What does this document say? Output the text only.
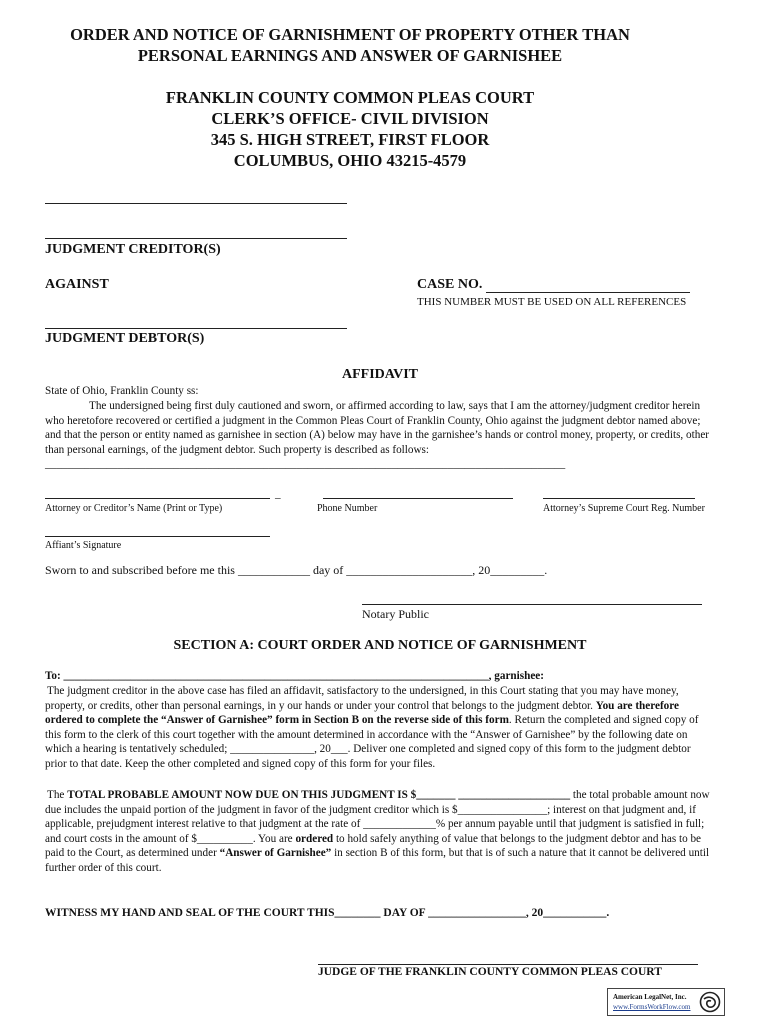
ORDER AND NOTICE OF GARNISHMENT OF PROPERTY OTHER THAN
PERSONAL EARNINGS AND ANSWER OF GARNISHEE
FRANKLIN COUNTY COMMON PLEAS COURT
CLERK’S OFFICE- CIVIL DIVISION
345 S. HIGH STREET, FIRST FLOOR
COLUMBUS, OHIO 43215-4579
JUDGMENT CREDITOR(S)
AGAINST	CASE NO.
THIS NUMBER MUST BE USED ON ALL REFERENCES
JUDGMENT DEBTOR(S)
AFFIDAVIT
State of Ohio, Franklin County ss:
The undersigned being first duly cautioned and sworn, or affirmed according to law, says that I am the attorney/judgment creditor herein who heretofore recovered or certified a judgment in the Common Pleas Court of Franklin County, Ohio against the judgment debtor named above; and that the person or entity named as garnishee in section (A) below may have in the garnishee’s hands or control money, property, or credits, other than personal earnings, of the judgment debtor. Such property is described as follows: _____________________________________________________________________________________________
_
Attorney or Creditor’s Name (Print or Type)	Phone Number	Attorney’s Supreme Court Reg. Number
Affiant’s Signature
Sworn to and subscribed before me this ____________ day of _____________________, 20_________.
Notary Public
SECTION A: COURT ORDER AND NOTICE OF GARNISHMENT
To: ____________________________________________________________________________, garnishee:
The judgment creditor in the above case has filed an affidavit, satisfactory to the undersigned, in this Court stating that you may have money, property, or credits, other than personal earnings, in y our hands or under your control that belongs to the judgment debtor. You are therefore ordered to complete the “Answer of Garnishee” form in Section B on the reverse side of this form. Return the completed and signed copy of this form to the clerk of this court together with the amount determined in accordance with the “Answer of Garnishee” by the following date on which a hearing is tentatively scheduled; _______________, 20___. Deliver one completed and signed copy of this form to the judgment debtor prior to that date. Keep the other completed and signed copy of this form for your files.
The TOTAL PROBABLE AMOUNT NOW DUE ON THIS JUDGMENT IS $_______ ____________________ the total probable amount now due includes the unpaid portion of the judgment in favor of the judgment creditor which is $________________; interest on that judgment and, if applicable, prejudgment interest relative to that judgment at the rate of _____________% per annum payable until that judgment is satisfied in full; and court costs in the amount of $__________. You are ordered to hold safely anything of value that belongs to the judgment debtor and has to be paid to the Court, as determined under “Answer of Garnishee” in section B of this form, but that is of such a nature that it cannot be delivered until further order of this court.
WITNESS MY HAND AND SEAL OF THE COURT THIS________ DAY OF _________________, 20___________.
JUDGE OF THE FRANKLIN COUNTY COMMON PLEAS COURT
American LegalNet, Inc.
www.FormsWorkFlow.com
